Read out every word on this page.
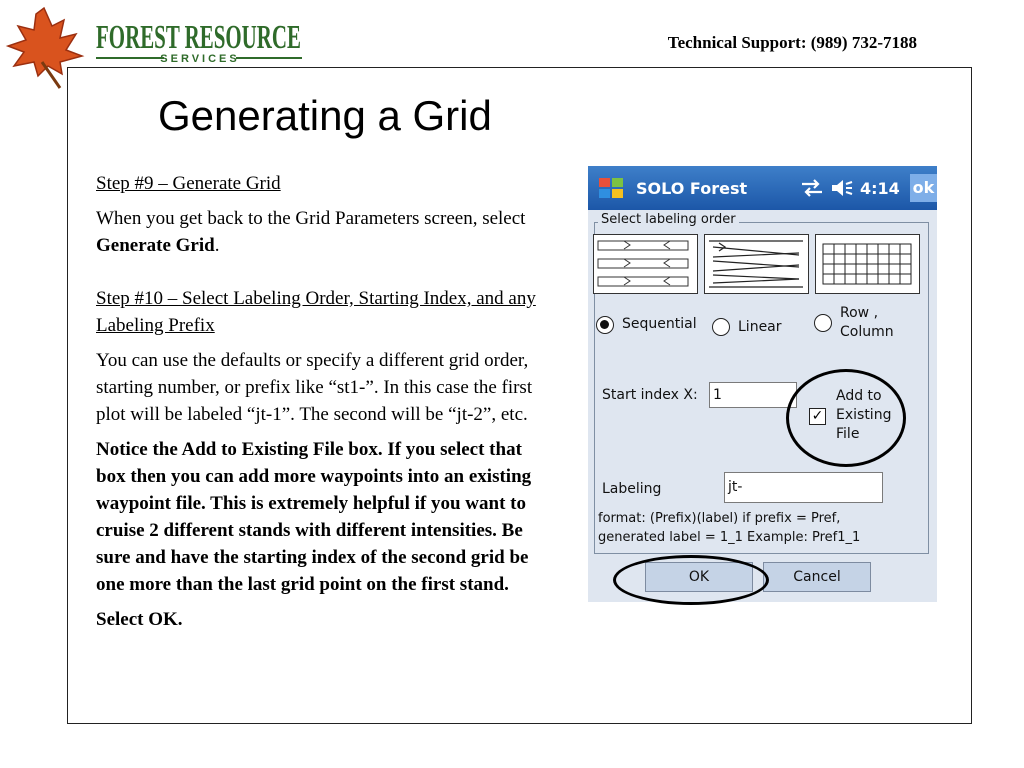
FOREST RESOURCE
SERVICES
Technical Support: (989) 732-7188
Generating a Grid

Step #9 – Generate Grid

When you get back to the Grid Parameters screen, select Generate Grid.

Step #10 – Select Labeling Order, Starting Index, and any Labeling Prefix

You can use the defaults or specify a different grid order, starting number, or prefix like “st1-”. In this case the first plot will be labeled “jt-1”. The second will be “jt-2”, etc.

Notice the Add to Existing File box. If you select that box then you can add more waypoints into an existing waypoint file. This is extremely helpful if you want to cruise 2 different stands with different intensities. Be sure and have the starting index of the second grid be one more than the last grid point on the first stand.

Select OK.

SOLO Forest	4:14 ok
Select labeling order
Sequential	Linear
Row ,
Column
Start index X: 1
✓
Add to
Existing
File
Labeling	jt-
format: (Prefix)(label) if prefix = Pref,
generated label = 1_1 Example: Pref1_1
OK	Cancel
